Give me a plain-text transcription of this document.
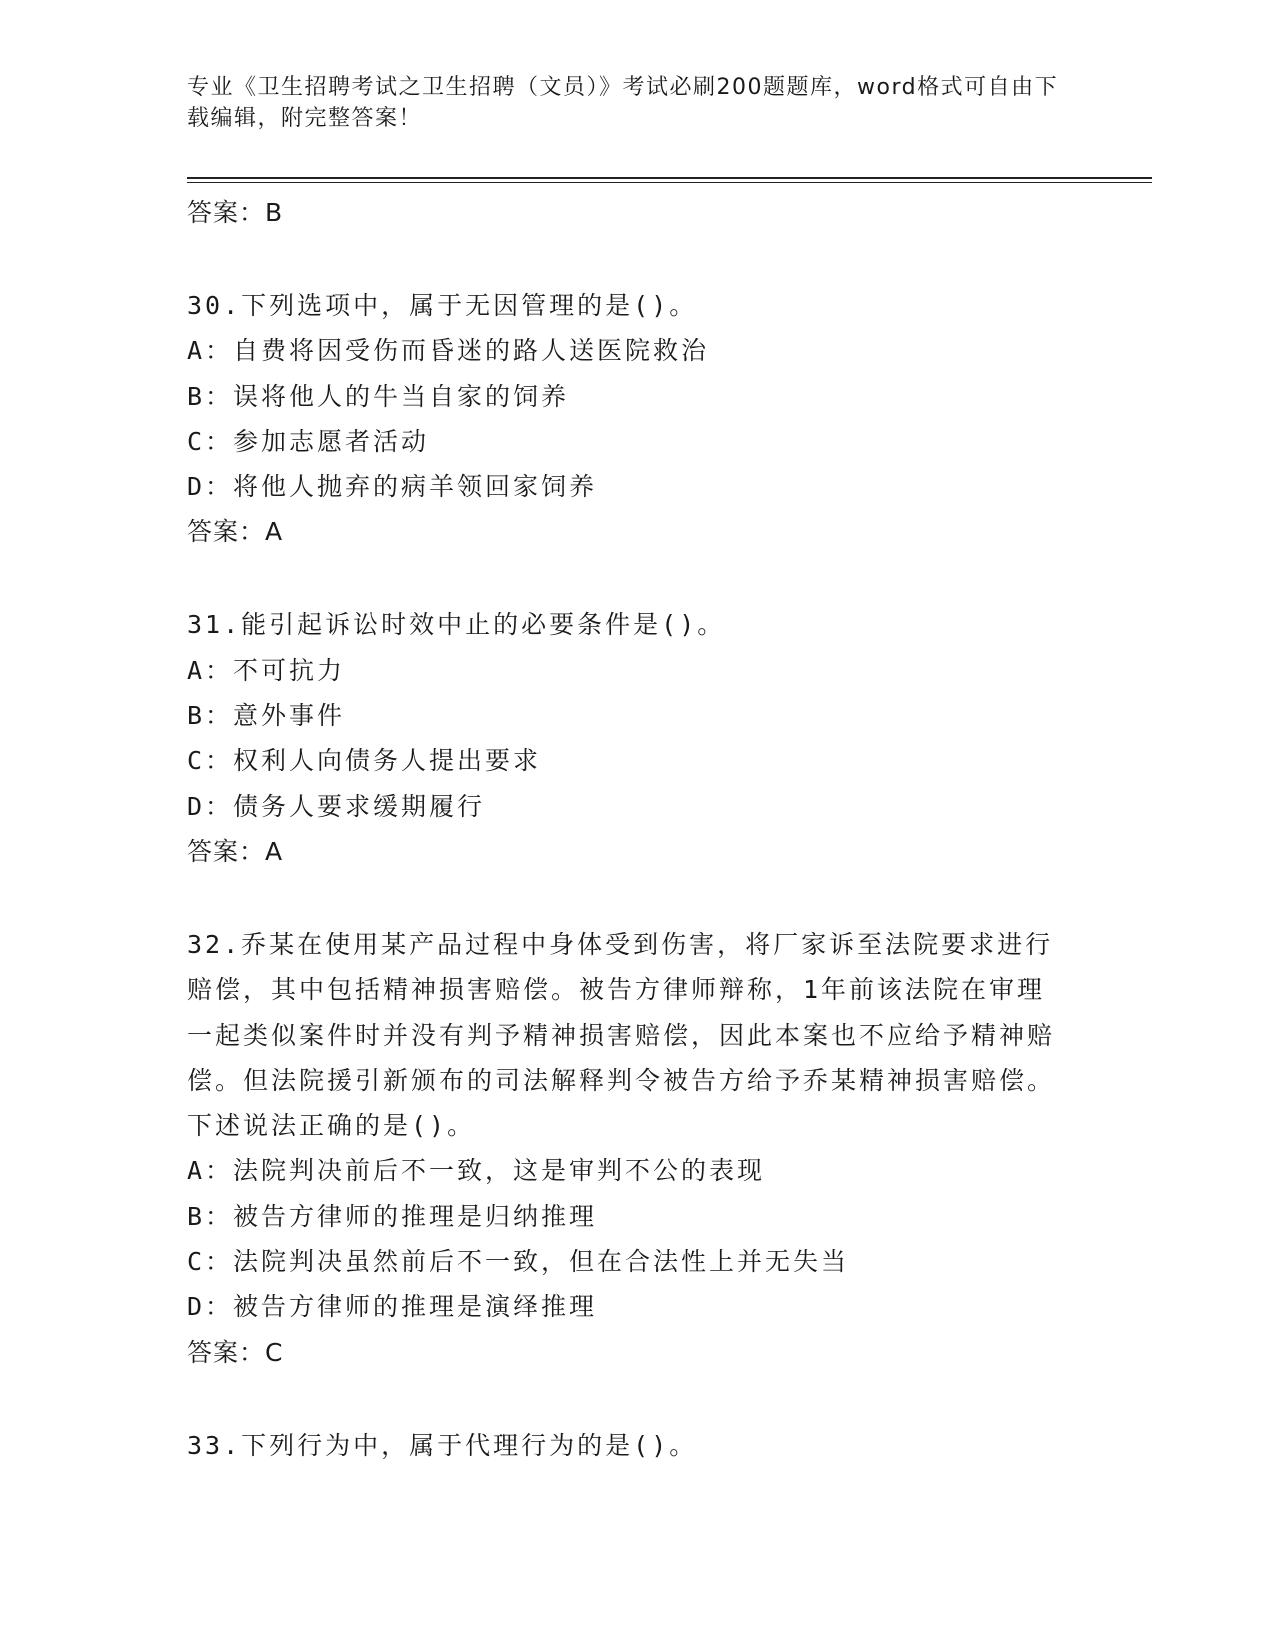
专业《卫生招聘考试之卫生招聘（文员）》考试必刷200题题库，word格式可自由下载编辑，附完整答案！
答案：B
30.下列选项中，属于无因管理的是()。
A：自费将因受伤而昏迷的路人送医院救治
B：误将他人的牛当自家的饲养
C：参加志愿者活动
D：将他人抛弃的病羊领回家饲养
答案：A
31.能引起诉讼时效中止的必要条件是()。
A：不可抗力
B：意外事件
C：权利人向债务人提出要求
D：债务人要求缓期履行
答案：A
32.乔某在使用某产品过程中身体受到伤害，将厂家诉至法院要求进行赔偿，其中包括精神损害赔偿。被告方律师辩称，1年前该法院在审理一起类似案件时并没有判予精神损害赔偿，因此本案也不应给予精神赔偿。但法院援引新颁布的司法解释判令被告方给予乔某精神损害赔偿。下述说法正确的是()。
A：法院判决前后不一致，这是审判不公的表现
B：被告方律师的推理是归纳推理
C：法院判决虽然前后不一致，但在合法性上并无失当
D：被告方律师的推理是演绎推理
答案：C
33.下列行为中，属于代理行为的是()。
